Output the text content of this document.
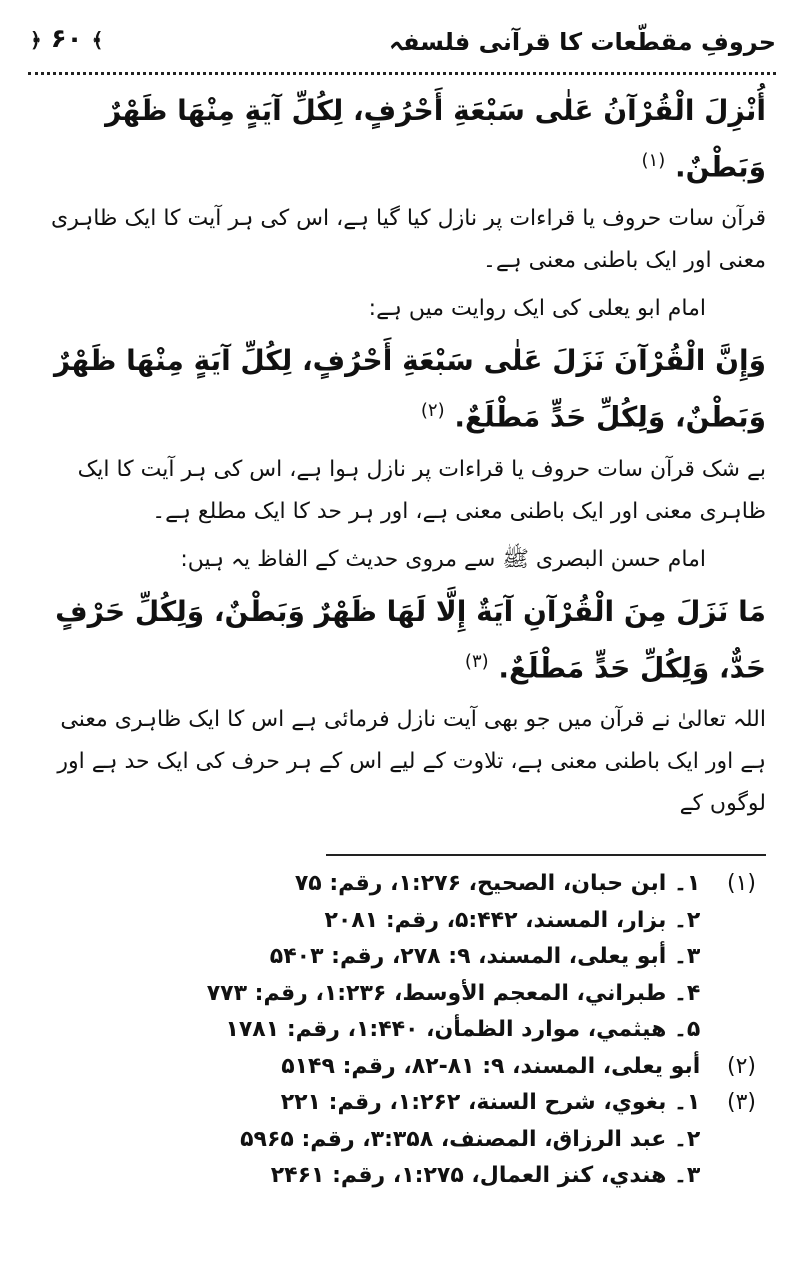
حروفِ مقطّعات کا قرآنی فلسفہ
﴿ ۶۰ ﴾

أُنْزِلَ الْقُرْآنُ عَلٰی سَبْعَةِ أَحْرُفٍ، لِكُلِّ آيَةٍ مِنْهَا ظَهْرٌ وَبَطْنٌ. $^{(۱)}$

قرآن سات حروف یا قراءات پر نازل کیا گیا ہے، اس کی ہر آیت کا ایک ظاہری معنی اور ایک باطنی معنی ہے۔

امام ابو یعلی کی ایک روایت میں ہے:

وَإِنَّ الْقُرْآنَ نَزَلَ عَلٰی سَبْعَةِ أَحْرُفٍ، لِكُلِّ آيَةٍ مِنْهَا ظَهْرٌ وَبَطْنٌ، وَلِكُلِّ حَدٍّ مَطْلَعٌ. $^{(۲)}$

بے شک قرآن سات حروف یا قراءات پر نازل ہوا ہے، اس کی ہر آیت کا ایک ظاہری معنی اور ایک باطنی معنی ہے، اور ہر حد کا ایک مطلع ہے۔

امام حسن البصری ﷺ سے مروی حدیث کے الفاظ یہ ہیں:

مَا نَزَلَ مِنَ الْقُرْآنِ آيَةٌ إِلَّا لَهَا ظَهْرٌ وَبَطْنٌ، وَلِكُلِّ حَرْفٍ حَدٌّ، وَلِكُلِّ حَدٍّ مَطْلَعٌ. $^{(۳)}$

اللہ تعالیٰ نے قرآن میں جو بھی آیت نازل فرمائی ہے اس کا ایک ظاہری معنی ہے اور ایک باطنی معنی ہے، تلاوت کے لیے اس کے ہر حرف کی ایک حد ہے اور لوگوں کے

(۱) ۱۔ ابن حبان، الصحيح، ۱:۲۷۶، رقم: ۷۵
۲۔ بزار، المسند، ۵:۴۴۲، رقم: ۲۰۸۱
۳۔ أبو يعلى، المسند، ۹: ۲۷۸، رقم: ۵۴۰۳
۴۔ طبراني، المعجم الأوسط، ۱:۲۳۶، رقم: ۷۷۳
۵۔ هيثمي، موارد الظمأن، ۱:۴۴۰، رقم: ۱۷۸۱
(۲) أبو يعلى، المسند، ۹: ۸۱-۸۲، رقم: ۵۱۴۹
(۳) ۱۔ بغوي، شرح السنة، ۱:۲۶۲، رقم: ۲۲۱
۲۔ عبد الرزاق، المصنف، ۳:۳۵۸، رقم: ۵۹۶۵
۳۔ هندي، كنز العمال، ۱:۲۷۵، رقم: ۲۴۶۱
